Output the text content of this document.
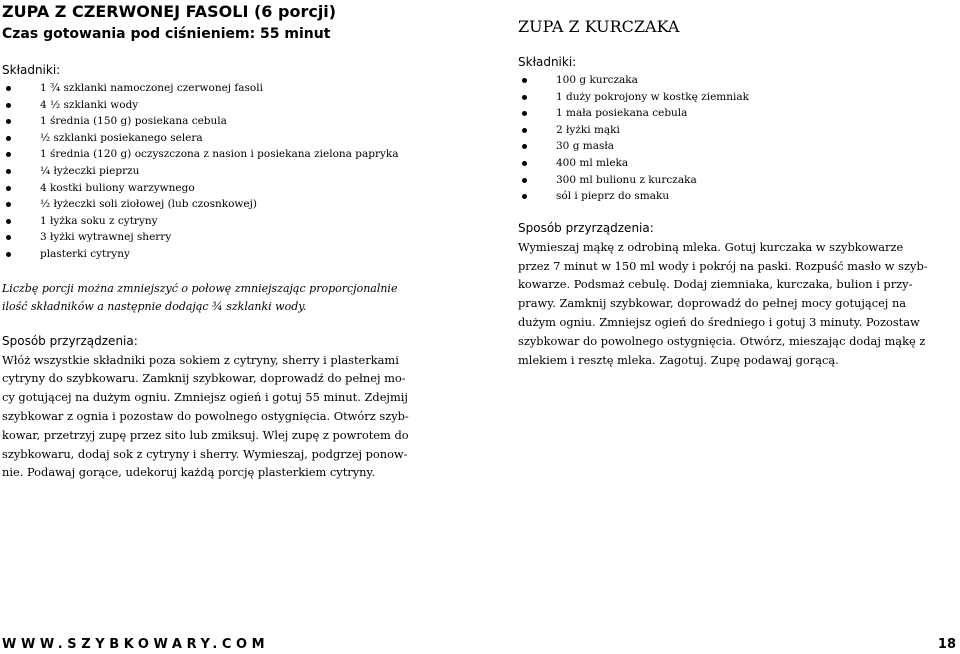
ZUPA Z CZERWONEJ FASOLI (6 porcji)
Czas gotowania pod ciśnieniem: 55 minut
Składniki:
1 ¾ szklanki namoczonej czerwonej fasoli
4 ½ szklanki wody
1 średnia (150 g) posiekana cebula
½ szklanki posiekanego selera
1 średnia (120 g) oczyszczona z nasion i posiekana zielona papryka
¼ łyżeczki pieprzu
4 kostki buliony warzywnego
½ łyżeczki soli ziołowej (lub czosnkowej)
1 łyżka soku z cytryny
3 łyżki wytrawnej sherry
plasterki cytryny
Liczbę porcji można zmniejszyć o połowę zmniejszając proporcjonalnie
ilość składników a następnie dodając ¾ szklanki wody.
Sposób przyrządzenia:
Włóż wszystkie składniki poza sokiem z cytryny, sherry i plasterkami
cytryny do szybkowaru. Zamknij szybkowar, doprowadź do pełnej mo-
cy gotującej na dużym ogniu. Zmniejsz ogień i gotuj 55 minut. Zdejmij
szybkowar z ognia i pozostaw do powolnego ostygnięcia. Otwórz szyb-
kowar, przetrzyj zupę przez sito lub zmiksuj. Wlej zupę z powrotem do
szybkowaru, dodaj sok z cytryny i sherry. Wymieszaj, podgrzej ponow-
nie. Podawaj gorące, udekoruj każdą porcję plasterkiem cytryny.
ZUPA Z KURCZAKA
Składniki:
100 g kurczaka
1 duży pokrojony w kostkę ziemniak
1 mała posiekana cebula
2 łyżki mąki
30 g masła
400 ml mleka
300 ml bulionu z kurczaka
sól i pieprz do smaku
Sposób przyrządzenia:
Wymieszaj mąkę z odrobiną mleka. Gotuj kurczaka w szybkowarze
przez 7 minut w 150 ml wody i pokrój na paski. Rozpuść masło w szyb-
kowarze. Podsmaż cebulę. Dodaj ziemniaka, kurczaka, bulion i przy-
prawy. Zamknij szybkowar, doprowadź do pełnej mocy gotującej na
dużym ogniu. Zmniejsz ogień do średniego i gotuj 3 minuty. Pozostaw
szybkowar do powolnego ostygnięcia. Otwórz, mieszając dodaj mąkę z
mlekiem i resztę mleka. Zagotuj. Zupę podawaj gorącą.
WWW.SZYBKOWARY.COM	18
